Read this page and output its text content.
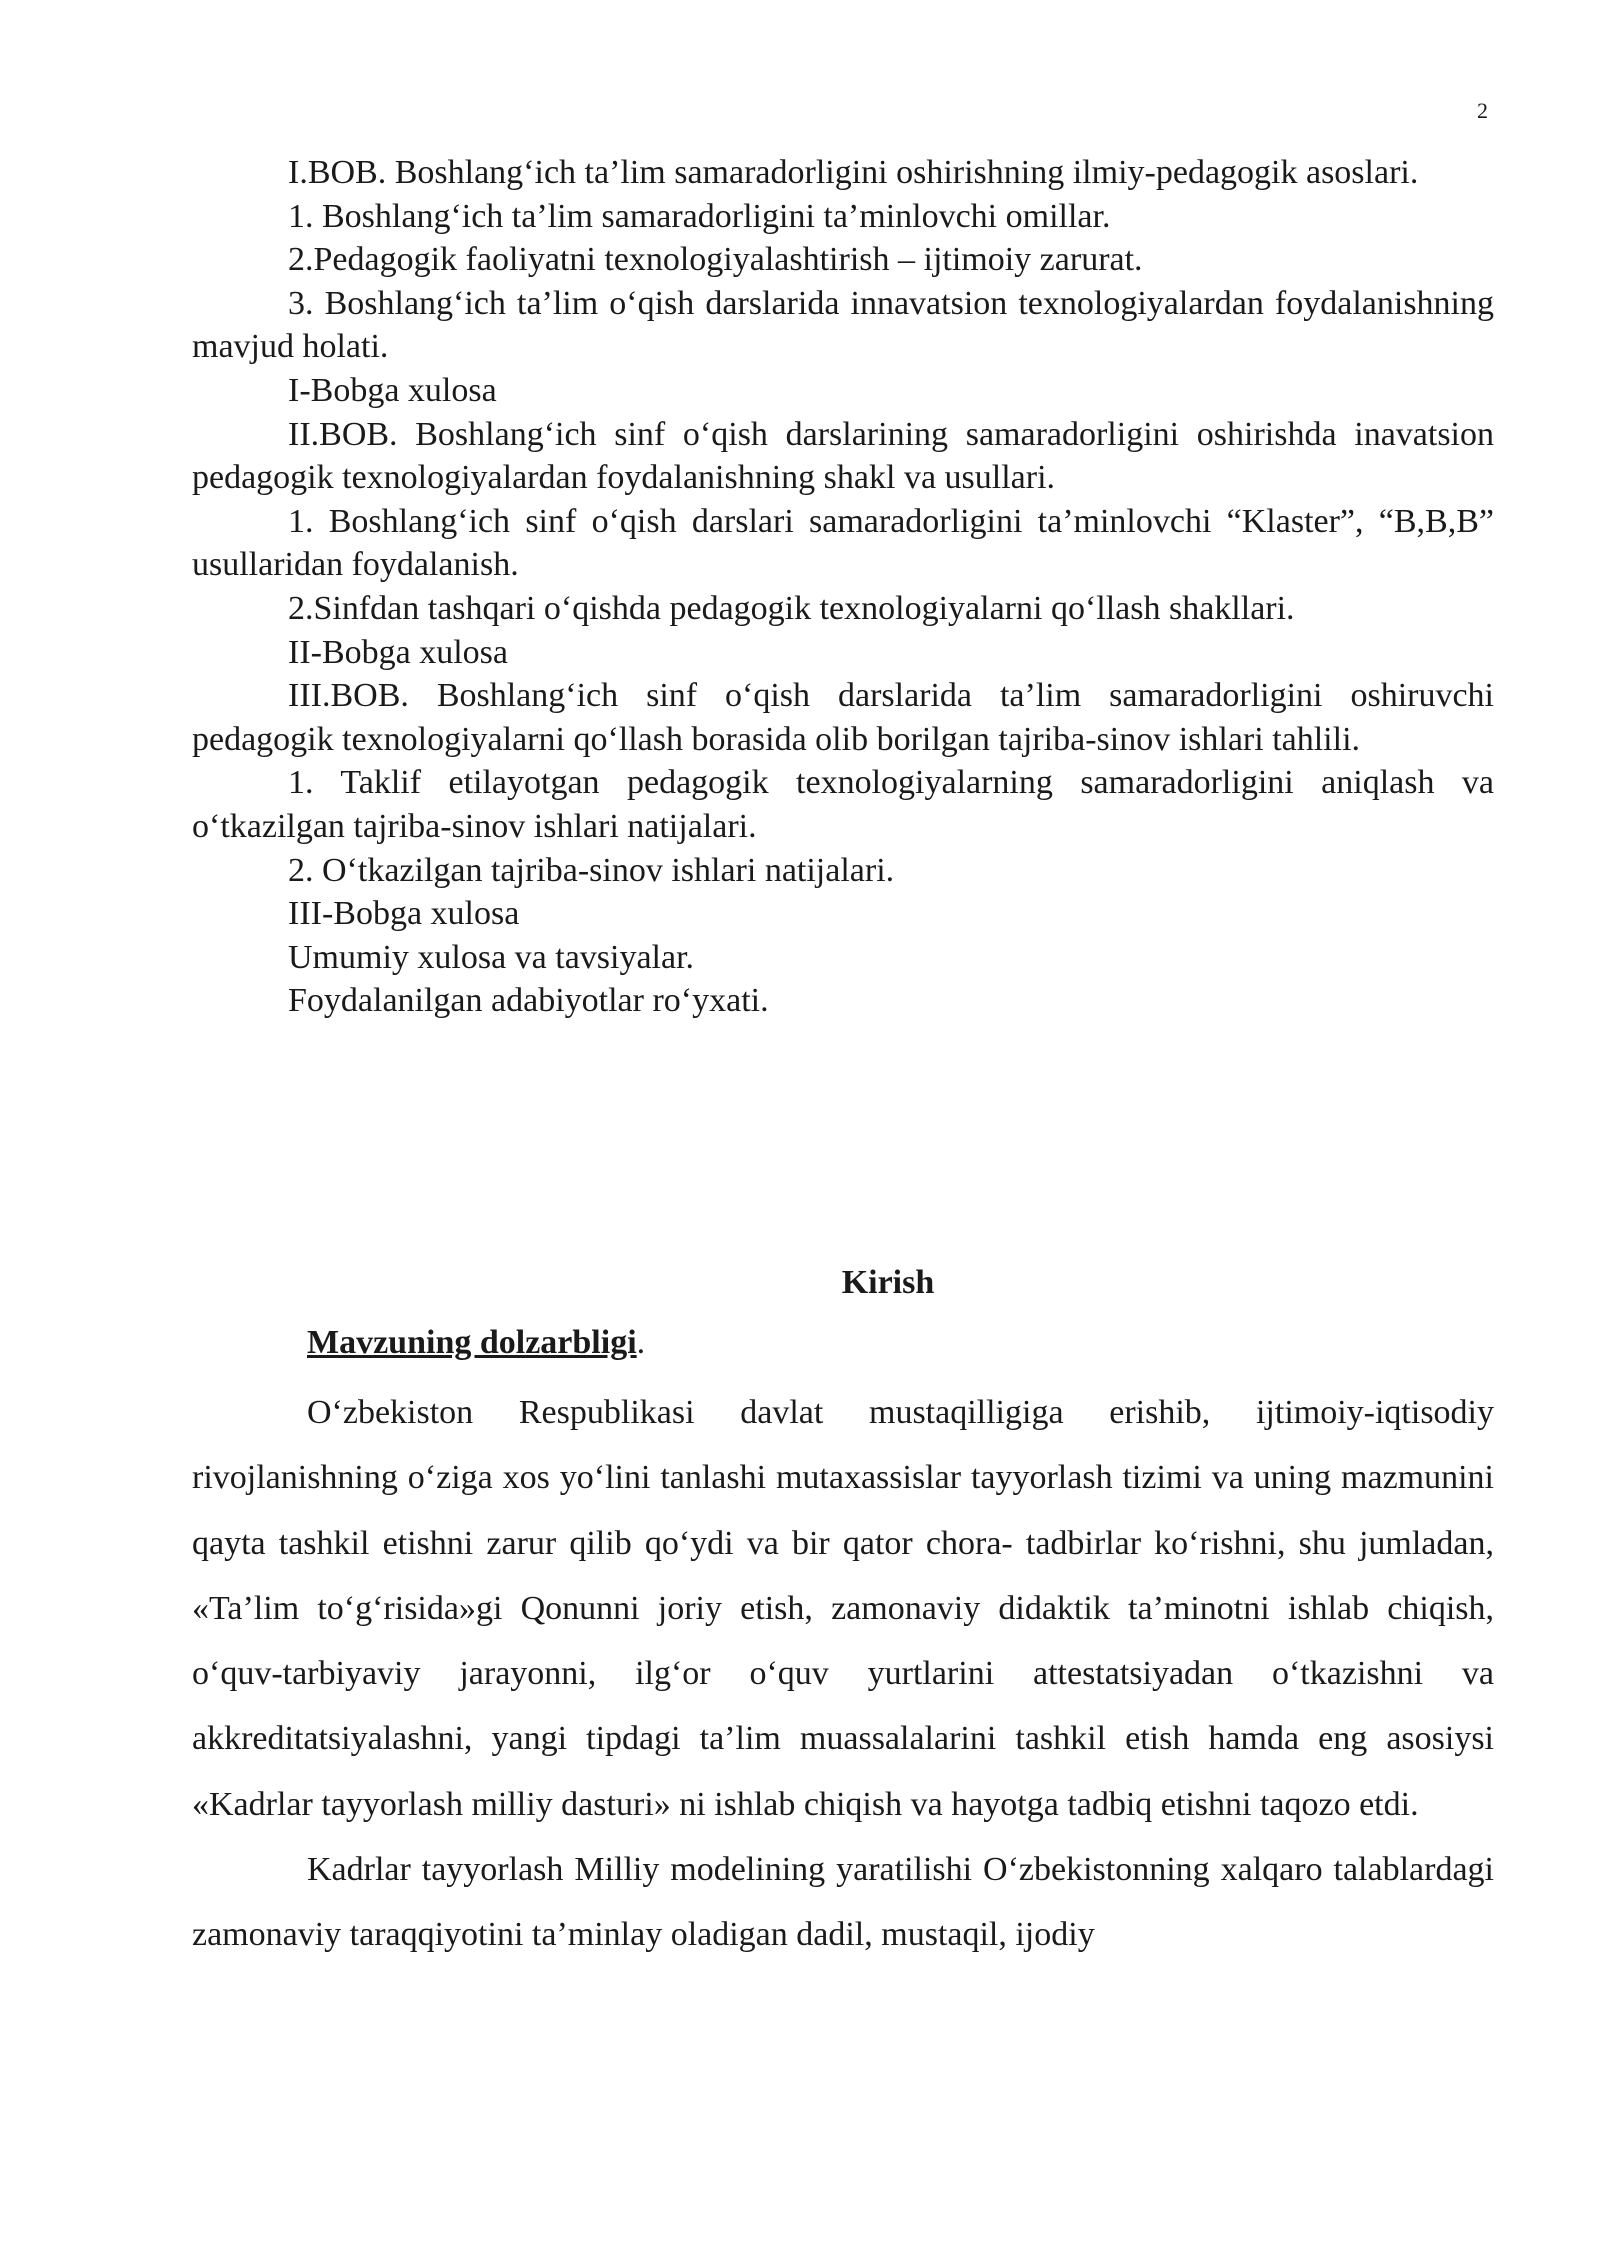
2

I.BOB. Boshlang‘ich ta’lim samaradorligini oshirishning ilmiy-pedagogik asoslari.

1. Boshlang‘ich ta’lim samaradorligini ta’minlovchi omillar.

2.Pedagogik faoliyatni texnologiyalashtirish – ijtimoiy zarurat.

3. Boshlang‘ich ta’lim o‘qish darslarida innavatsion texnologiyalardan foydalanishning mavjud holati.

I-Bobga xulosa

II.BOB. Boshlang‘ich sinf o‘qish darslarining samaradorligini oshirishda inavatsion pedagogik texnologiyalardan foydalanishning shakl va usullari.

1. Boshlang‘ich sinf o‘qish darslari samaradorligini ta’minlovchi “Klaster”, “B,B,B” usullaridan foydalanish.

2.Sinfdan tashqari o‘qishda pedagogik texnologiyalarni qo‘llash shakllari.

II-Bobga xulosa

III.BOB. Boshlang‘ich sinf o‘qish darslarida ta’lim samaradorligini oshiruvchi pedagogik texnologiyalarni qo‘llash borasida olib borilgan tajriba-sinov ishlari tahlili.

1. Taklif etilayotgan pedagogik texnologiyalarning samaradorligini aniqlash va o‘tkazilgan tajriba-sinov ishlari natijalari.

2. O‘tkazilgan tajriba-sinov ishlari natijalari.

III-Bobga xulosa

Umumiy xulosa va tavsiyalar.

Foydalanilgan adabiyotlar ro‘yxati.

Kirish
Mavzuning dolzarbligi.

O‘zbekiston Respublikasi davlat mustaqilligiga erishib, ijtimoiy-iqtisodiy rivojlanishning o‘ziga xos yo‘lini tanlashi mutaxassislar tayyorlash tizimi va uning mazmunini qayta tashkil etishni zarur qilib qo‘ydi va bir qator chora- tadbirlar ko‘rishni, shu jumladan, «Ta’lim to‘g‘risida»gi Qonunni joriy etish, zamonaviy didaktik ta’minotni ishlab chiqish, o‘quv-tarbiyaviy jarayonni, ilg‘or o‘quv yurtlarini attestatsiyadan o‘tkazishni va akkreditatsiyalashni, yangi tipdagi ta’lim muassalalarini tashkil etish hamda eng asosiysi «Kadrlar tayyorlash milliy dasturi» ni ishlab chiqish va hayotga tadbiq etishni taqozo etdi.

Kadrlar tayyorlash Milliy modelining yaratilishi O‘zbekistonning xalqaro talablardagi zamonaviy taraqqiyotini ta’minlay oladigan dadil, mustaqil, ijodiy
